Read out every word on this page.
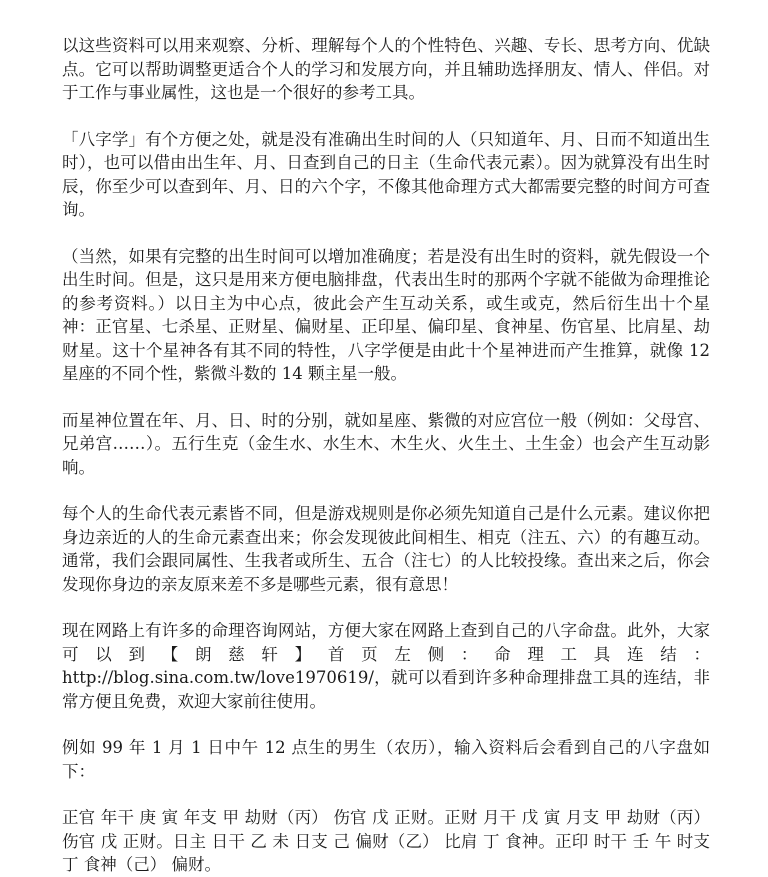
以这些资料可以用来观察、分析、理解每个人的个性特色、兴趣、专长、思考方向、优缺点。它可以帮助调整更适合个人的学习和发展方向，并且辅助选择朋友、情人、伴侣。对于工作与事业属性，这也是一个很好的参考工具。

「八字学」有个方便之处，就是没有准确出生时间的人（只知道年、月、日而不知道出生时），也可以借由出生年、月、日查到自己的日主（生命代表元素）。因为就算没有出生时辰，你至少可以查到年、月、日的六个字，不像其他命理方式大都需要完整的时间方可查询。

（当然，如果有完整的出生时间可以增加准确度；若是没有出生时的资料，就先假设一个出生时间。但是，这只是用来方便电脑排盘，代表出生时的那两个字就不能做为命理推论的参考资料。）以日主为中心点，彼此会产生互动关系，或生或克，然后衍生出十个星神：正官星、七杀星、正财星、偏财星、正印星、偏印星、食神星、伤官星、比肩星、劫财星。这十个星神各有其不同的特性，八字学便是由此十个星神进而产生推算，就像 12 星座的不同个性，紫微斗数的 14 颗主星一般。

而星神位置在年、月、日、时的分别，就如星座、紫微的对应宫位一般（例如：父母宫、兄弟宫……）。五行生克（金生水、水生木、木生火、火生土、土生金）也会产生互动影响。

每个人的生命代表元素皆不同，但是游戏规则是你必须先知道自己是什么元素。建议你把身边亲近的人的生命元素查出来；你会发现彼此间相生、相克（注五、六）的有趣互动。通常，我们会跟同属性、生我者或所生、五合（注七）的人比较投缘。查出来之后，你会发现你身边的亲友原来差不多是哪些元素，很有意思！

现在网路上有许多的命理咨询网站，方便大家在网路上查到自己的八字命盘。此外，大家可以到【朗慈轩】首页左侧：命理工具连结：http://blog.sina.com.tw/love1970619/，就可以看到许多种命理排盘工具的连结，非常方便且免费，欢迎大家前往使用。

例如 99 年 1 月 1 日中午 12 点生的男生（农历），输入资料后会看到自己的八字盘如下：

正官 年干 庚 寅 年支 甲 劫财（丙） 伤官 戊 正财。正财 月干 戊 寅 月支 甲 劫财（丙） 伤官 戊 正财。日主 日干 乙 未 日支 己 偏财（乙） 比肩 丁 食神。正印 时干 壬 午 时支 丁 食神（己） 偏财。
